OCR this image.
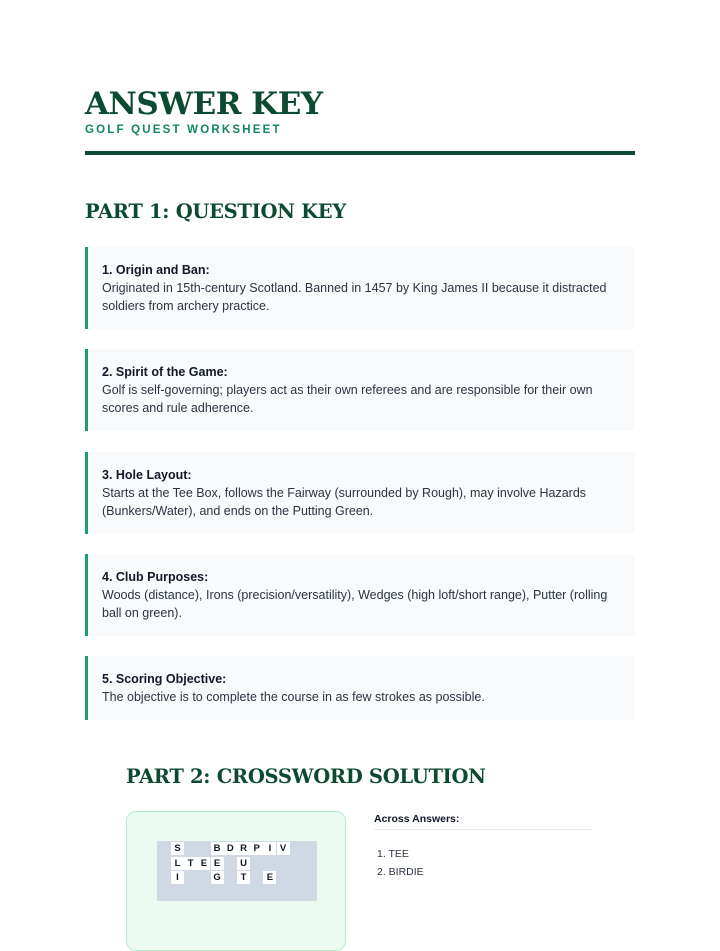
ANSWER KEY
GOLF QUEST WORKSHEET
PART 1: QUESTION KEY
1. Origin and Ban:
Originated in 15th-century Scotland. Banned in 1457 by King James II because it distracted soldiers from archery practice.
2. Spirit of the Game:
Golf is self-governing; players act as their own referees and are responsible for their own scores and rule adherence.
3. Hole Layout:
Starts at the Tee Box, follows the Fairway (surrounded by Rough), may involve Hazards (Bunkers/Water), and ends on the Putting Green.
4. Club Purposes:
Woods (distance), Irons (precision/versatility), Wedges (high loft/short range), Putter (rolling ball on green).
5. Scoring Objective:
The objective is to complete the course in as few strokes as possible.
PART 2: CROSSWORD SOLUTION
S	B D R P I V
L T E E	U
I	G	T	E
Across Answers:
1. TEE
2. BIRDIE
